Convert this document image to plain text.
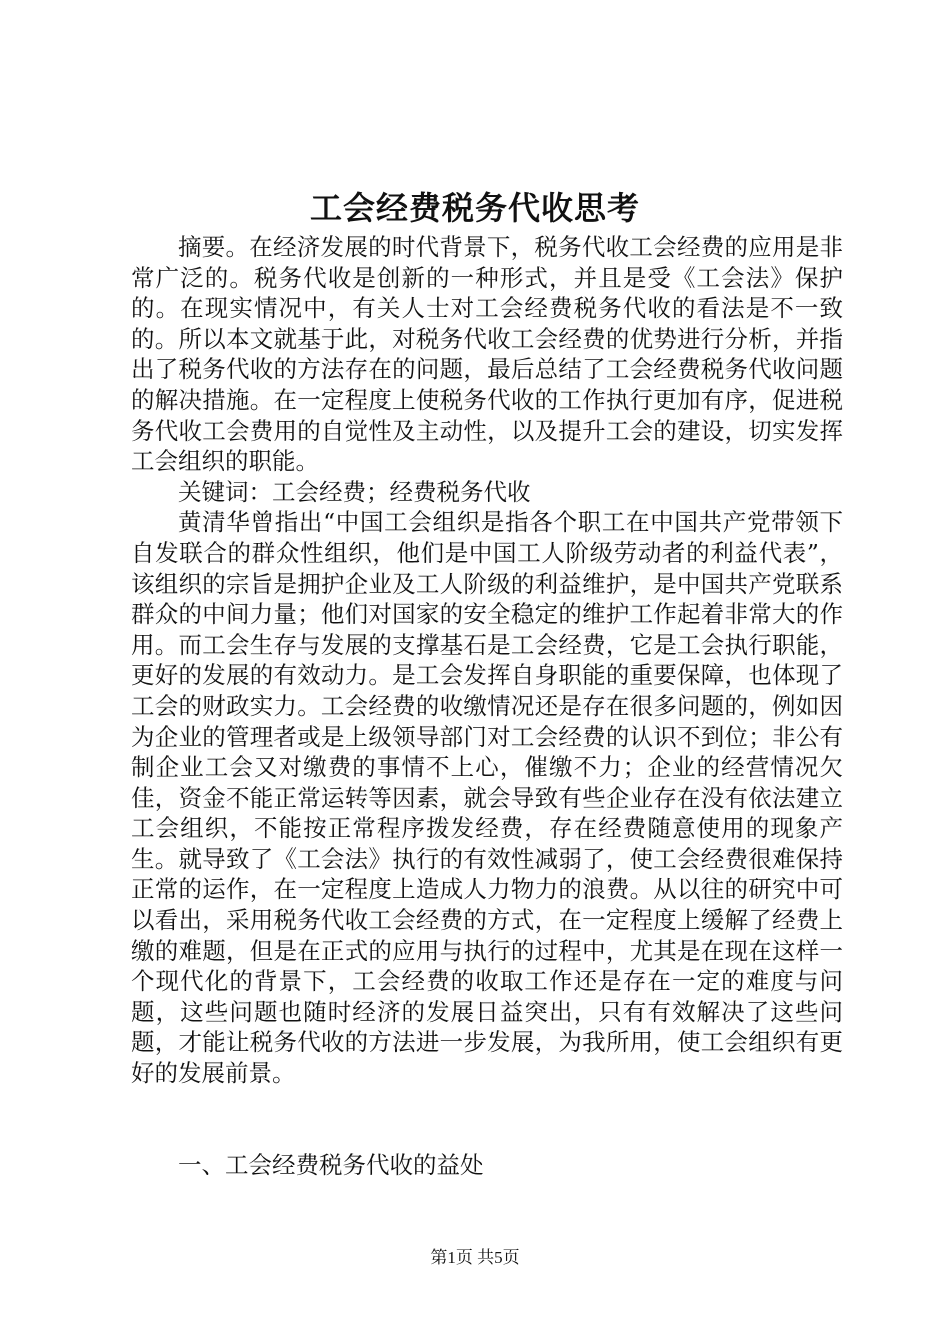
工会经费税务代收思考

摘要。在经济发展的时代背景下，税务代收工会经费的应用是非常广泛的。税务代收是创新的一种形式，并且是受《工会法》保护的。在现实情况中，有关人士对工会经费税务代收的看法是不一致的。所以本文就基于此，对税务代收工会经费的优势进行分析，并指出了税务代收的方法存在的问题，最后总结了工会经费税务代收问题的解决措施。在一定程度上使税务代收的工作执行更加有序，促进税务代收工会费用的自觉性及主动性，以及提升工会的建设，切实发挥工会组织的职能。

关键词：工会经费；经费税务代收

黄清华曾指出“中国工会组织是指各个职工在中国共产党带领下自发联合的群众性组织，他们是中国工人阶级劳动者的利益代表”，该组织的宗旨是拥护企业及工人阶级的利益维护，是中国共产党联系群众的中间力量；他们对国家的安全稳定的维护工作起着非常大的作用。而工会生存与发展的支撑基石是工会经费，它是工会执行职能，更好的发展的有效动力。是工会发挥自身职能的重要保障，也体现了工会的财政实力。工会经费的收缴情况还是存在很多问题的，例如因为企业的管理者或是上级领导部门对工会经费的认识不到位；非公有制企业工会又对缴费的事情不上心，催缴不力；企业的经营情况欠佳，资金不能正常运转等因素，就会导致有些企业存在没有依法建立工会组织，不能按正常程序拨发经费，存在经费随意使用的现象产生。就导致了《工会法》执行的有效性减弱了，使工会经费很难保持正常的运作，在一定程度上造成人力物力的浪费。从以往的研究中可以看出，采用税务代收工会经费的方式，在一定程度上缓解了经费上缴的难题，但是在正式的应用与执行的过程中，尤其是在现在这样一个现代化的背景下，工会经费的收取工作还是存在一定的难度与问题，这些问题也随时经济的发展日益突出，只有有效解决了这些问题，才能让税务代收的方法进一步发展，为我所用，使工会组织有更好的发展前景。

一、工会经费税务代收的益处
第1页 共5页
